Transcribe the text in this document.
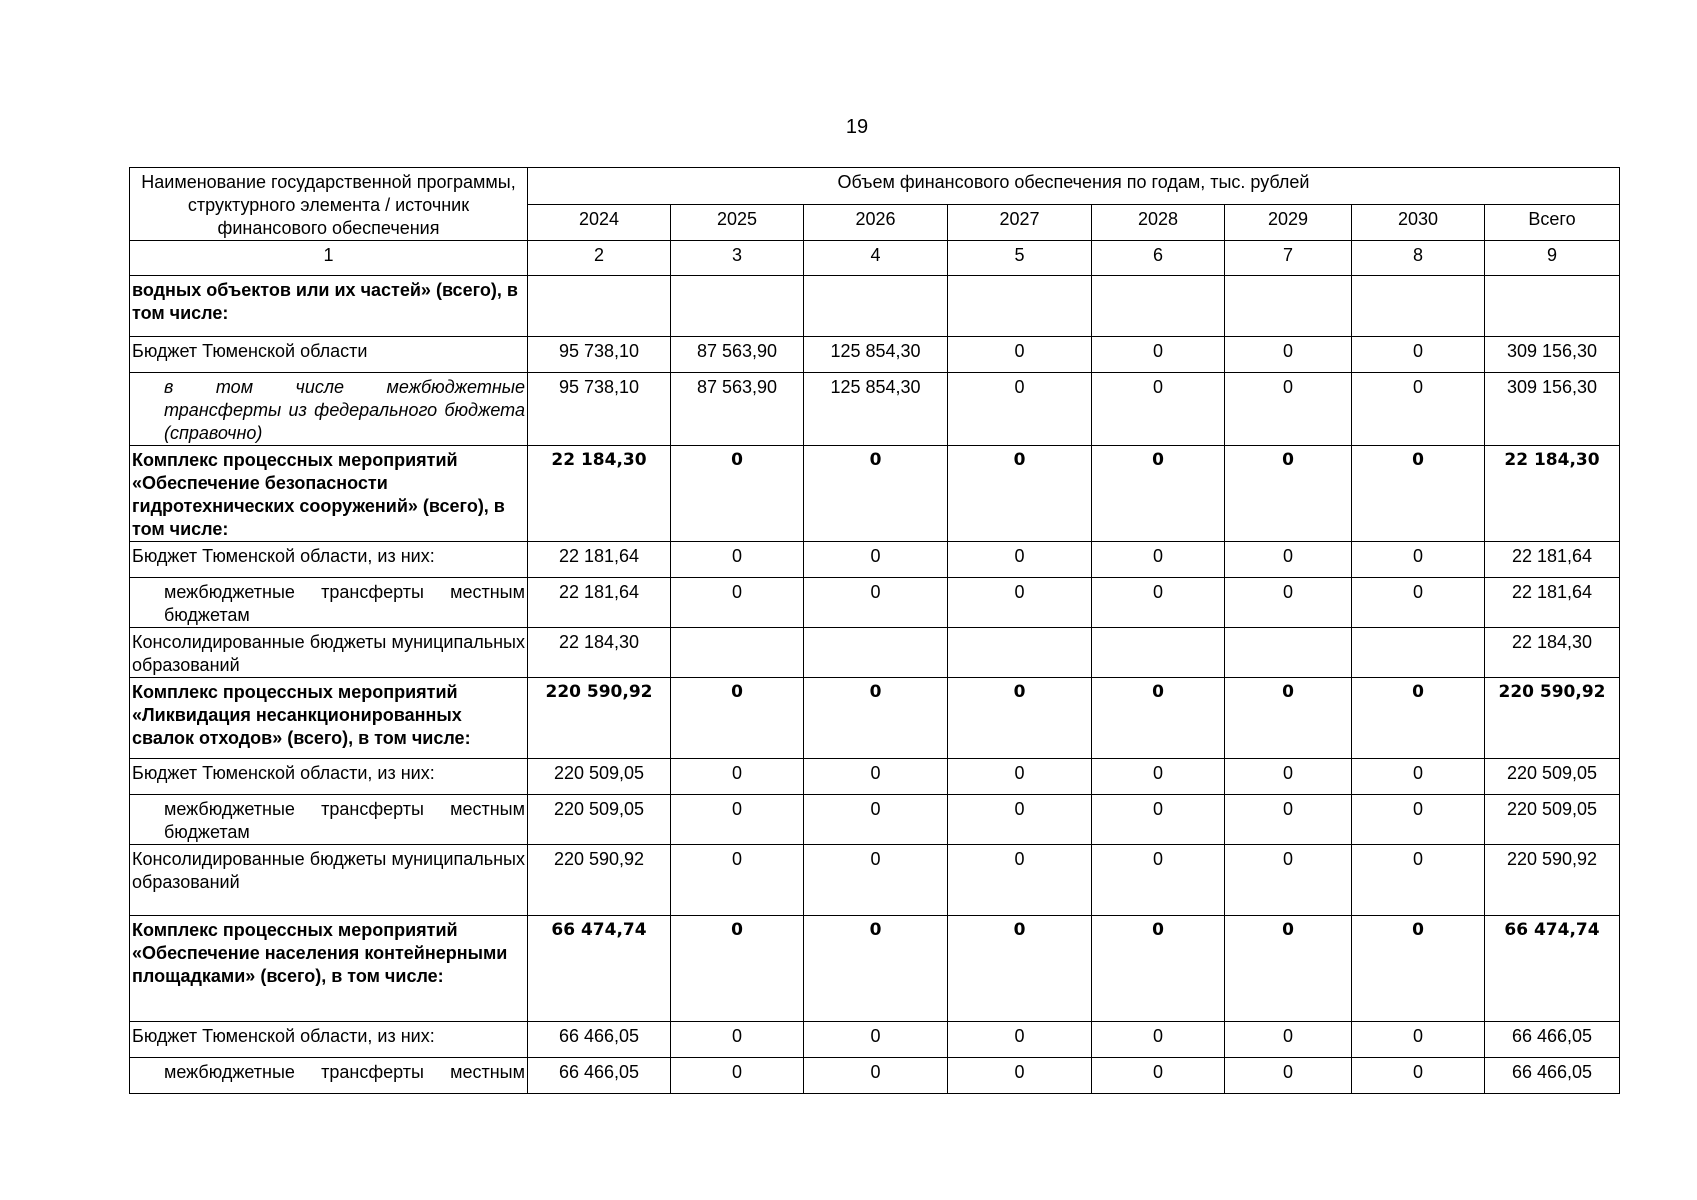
19
Наименование государственной программы, структурного элемента / источник финансового обеспечения	Объем финансового обеспечения по годам, тыс. рублей							
	2024	2025	2026	2027	2028	2029	2030	Всего
1	2	3	4	5	6	7	8	9
водных объектов или их частей» (всего), в том числе:								
Бюджет Тюменской области	95 738,10	87 563,90	125 854,30	0	0	0	0	309 156,30
в том числе межбюджетные трансферты из федерального бюджета (справочно)	95 738,10	87 563,90	125 854,30	0	0	0	0	309 156,30
Комплекс процессных мероприятий «Обеспечение безопасности гидротехнических сооружений» (всего), в том числе:	22 184,30	0	0	0	0	0	0	22 184,30
Бюджет Тюменской области, из них:	22 181,64	0	0	0	0	0	0	22 181,64
межбюджетные трансферты местным бюджетам	22 181,64	0	0	0	0	0	0	22 181,64
Консолидированные бюджеты муниципальных образований	22 184,30							22 184,30
Комплекс процессных мероприятий «Ликвидация несанкционированных свалок отходов» (всего), в том числе:	220 590,92	0	0	0	0	0	0	220 590,92
Бюджет Тюменской области, из них:	220 509,05	0	0	0	0	0	0	220 509,05
межбюджетные трансферты местным бюджетам	220 509,05	0	0	0	0	0	0	220 509,05
Консолидированные бюджеты муниципальных образований	220 590,92	0	0	0	0	0	0	220 590,92
Комплекс процессных мероприятий «Обеспечение населения контейнерными площадками» (всего), в том числе:	66 474,74	0	0	0	0	0	0	66 474,74
Бюджет Тюменской области, из них:	66 466,05	0	0	0	0	0	0	66 466,05
межбюджетные трансферты местным	66 466,05	0	0	0	0	0	0	66 466,05
